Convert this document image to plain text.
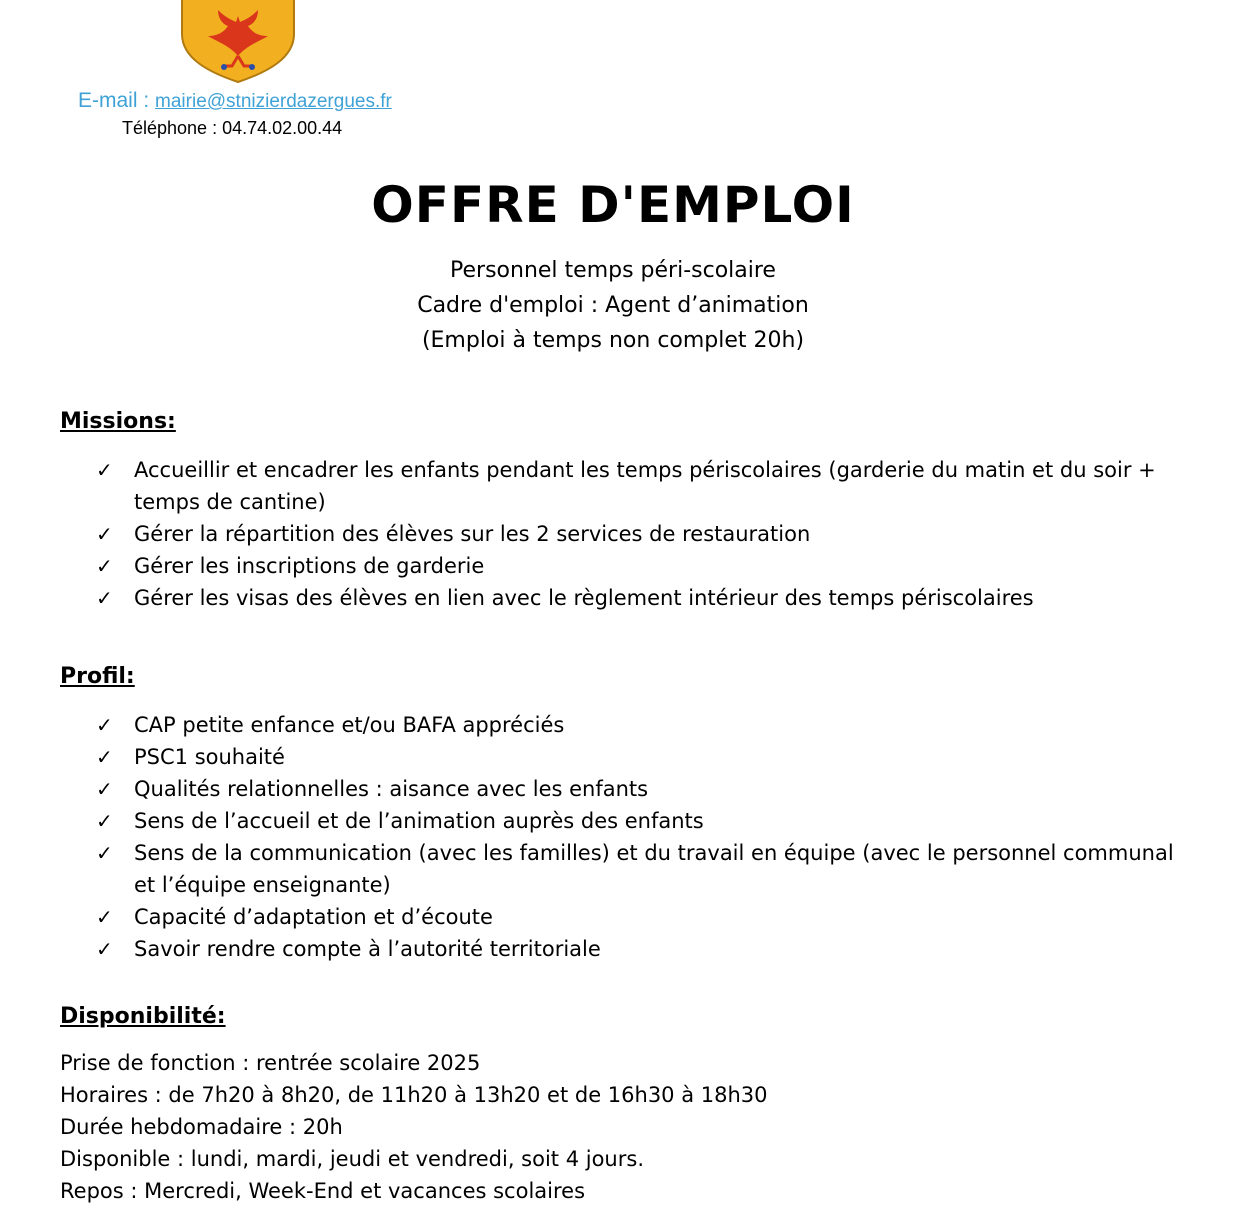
E-mail : mairie@stnizierdazergues.fr
Téléphone : 04.74.02.00.44
OFFRE D'EMPLOI
Personnel temps péri-scolaire
Cadre d'emploi : Agent d’animation
(Emploi à temps non complet 20h)
Missions:
✓ Accueillir et encadrer les enfants pendant les temps périscolaires (garderie du matin et du soir + temps de cantine)
✓ Gérer la répartition des élèves sur les 2 services de restauration
✓ Gérer les inscriptions de garderie
✓ Gérer les visas des élèves en lien avec le règlement intérieur des temps périscolaires
Profil:
✓ CAP petite enfance et/ou BAFA appréciés
✓ PSC1 souhaité
✓ Qualités relationnelles : aisance avec les enfants
✓ Sens de l’accueil et de l’animation auprès des enfants
✓ Sens de la communication (avec les familles) et du travail en équipe (avec le personnel communal et l’équipe enseignante)
✓ Capacité d’adaptation et d’écoute
✓ Savoir rendre compte à l’autorité territoriale
Disponibilité:
Prise de fonction : rentrée scolaire 2025
Horaires : de 7h20 à 8h20, de 11h20 à 13h20 et de 16h30 à 18h30
Durée hebdomadaire : 20h
Disponible : lundi, mardi, jeudi et vendredi, soit 4 jours.
Repos : Mercredi, Week-End et vacances scolaires
